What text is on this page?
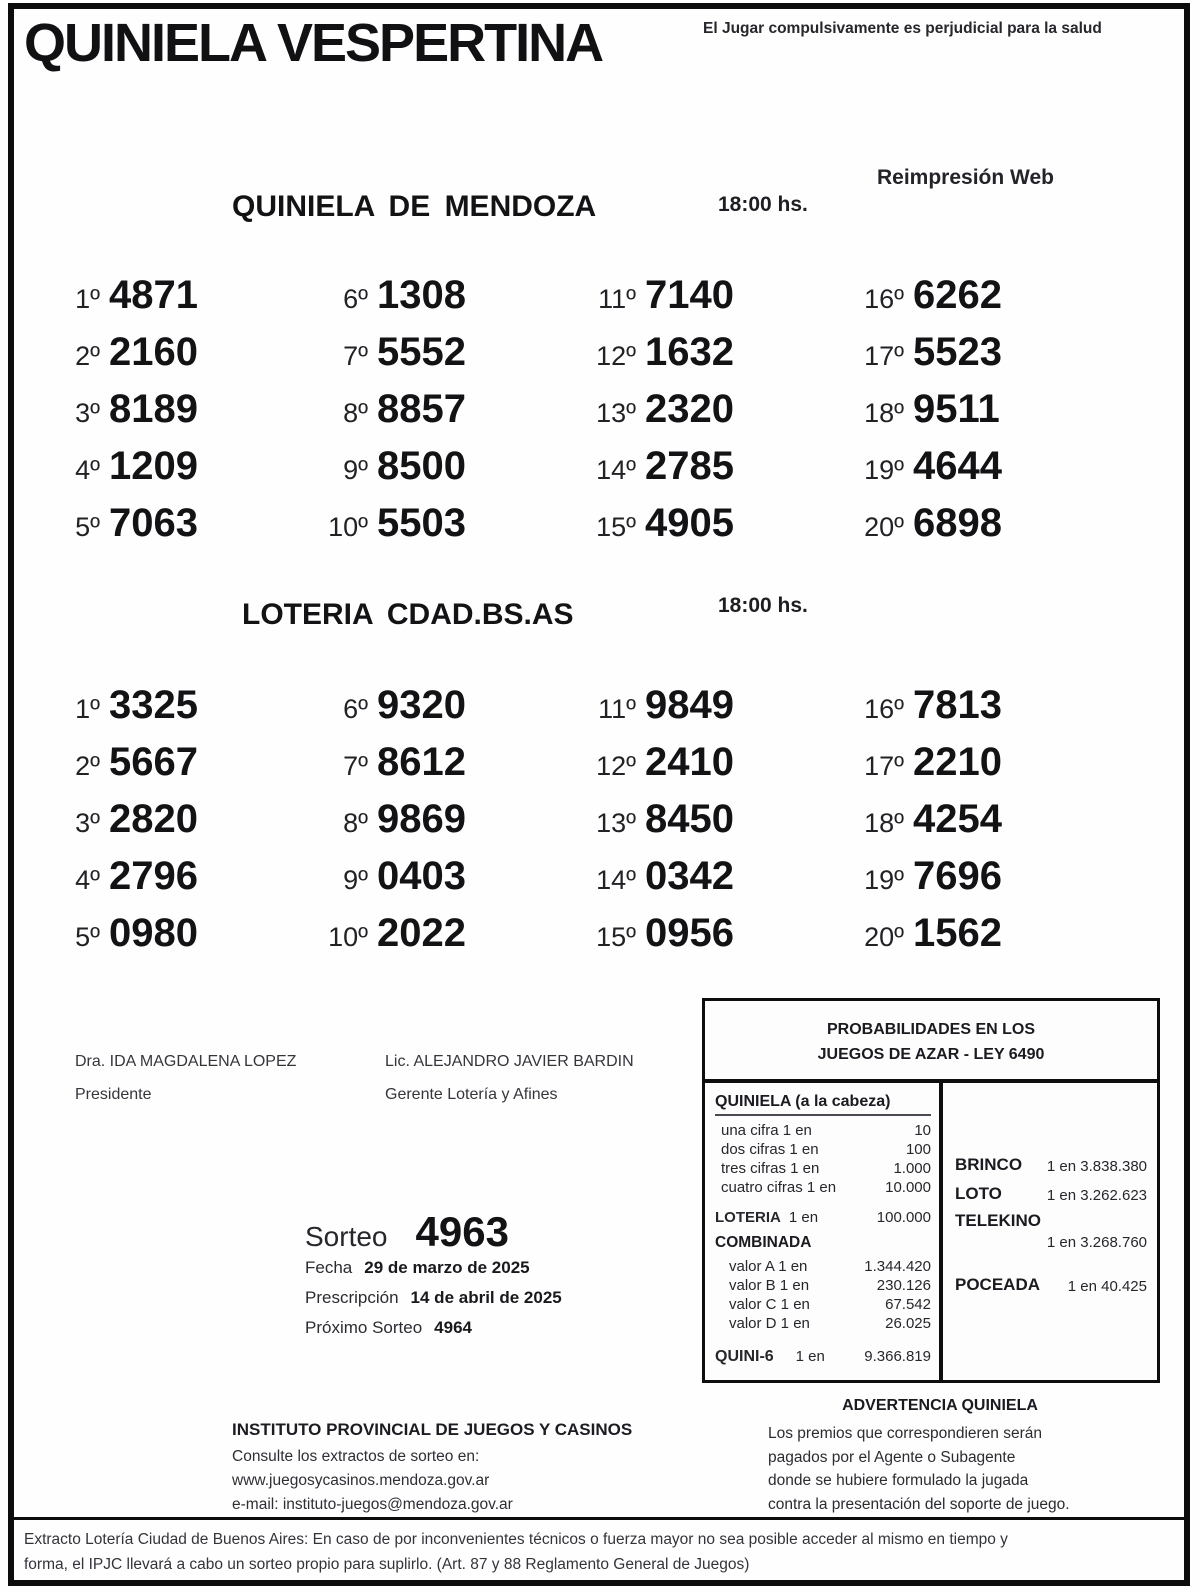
QUINIELA VESPERTINA	El Jugar compulsivamente es perjudicial para la salud
Reimpresión Web
QUINIELA DE MENDOZA	18:00 hs.
1º 4871	6º 1308	11º 7140	16º 6262
2º 2160	7º 5552	12º 1632	17º 5523
3º 8189	8º 8857	13º 2320	18º 9511
4º 1209	9º 8500	14º 2785	19º 4644
5º 7063	10º 5503	15º 4905	20º 6898
LOTERIA CDAD.BS.AS	18:00 hs.
1º 3325	6º 9320	11º 9849	16º 7813
2º 5667	7º 8612	12º 2410	17º 2210
3º 2820	8º 9869	13º 8450	18º 4254
4º 2796	9º 0403	14º 0342	19º 7696
5º 0980	10º 2022	15º 0956	20º 1562
Dra. IDA MAGDALENA LOPEZ
Presidente
Lic. ALEJANDRO JAVIER BARDIN
Gerente Lotería y Afines
Sorteo 4963
Fecha 29 de marzo de 2025
Prescripción 14 de abril de 2025
Próximo Sorteo 4964
PROBABILIDADES EN LOS
JUEGOS DE AZAR - LEY 6490
QUINIELA (a la cabeza)
una cifra 1 en	10
dos cifras 1 en	100
tres cifras 1 en	1.000
cuatro cifras 1 en	10.000
LOTERIA 1 en	100.000
COMBINADA
valor A 1 en	1.344.420
valor B 1 en	230.126
valor C 1 en	67.542
valor D 1 en	26.025
QUINI-6 1 en	9.366.819
BRINCO 1 en 3.838.380
LOTO	1 en 3.262.623
TELEKINO
1 en 3.268.760
POCEADA 1 en 40.425
ADVERTENCIA QUINIELA
Los premios que correspondieren serán
pagados por el Agente o Subagente
donde se hubiere formulado la jugada
contra la presentación del soporte de juego.
INSTITUTO PROVINCIAL DE JUEGOS Y CASINOS
Consulte los extractos de sorteo en:
www.juegosycasinos.mendoza.gov.ar
e-mail: instituto-juegos@mendoza.gov.ar
Extracto Lotería Ciudad de Buenos Aires: En caso de por inconvenientes técnicos o fuerza mayor no sea posible acceder al mismo en tiempo y
forma, el IPJC llevará a cabo un sorteo propio para suplirlo. (Art. 87 y 88 Reglamento General de Juegos)
